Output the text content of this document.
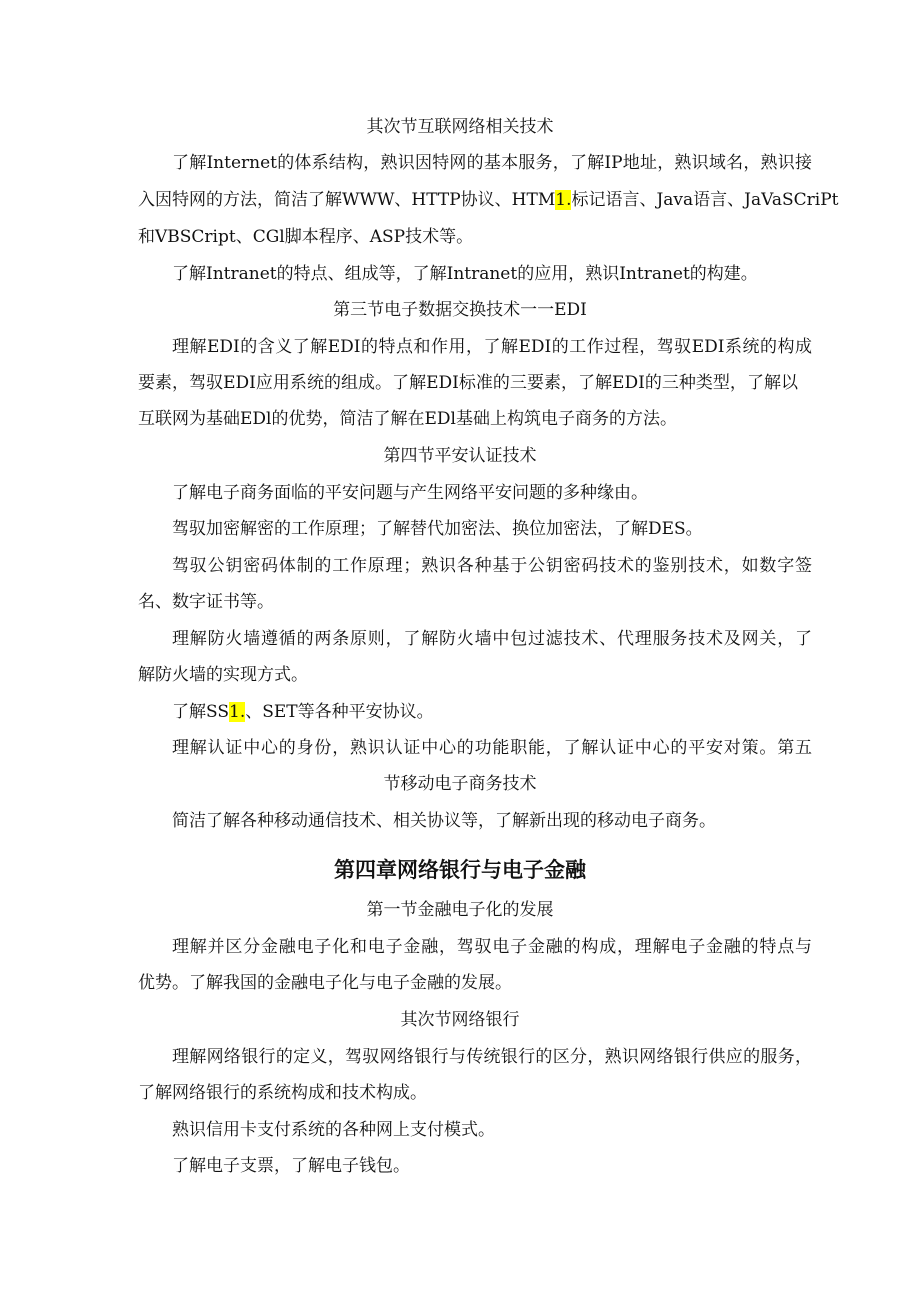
其次节互联网络相关技术
了解Internet的体系结构，熟识因特网的基本服务，了解IP地址，熟识域名，熟识接
入因特网的方法，简洁了解WWW、HTTP协议、HTM1.标记语言、Java语言、JaVaSCriPt
和VBSCript、CGl脚本程序、ASP技术等。
了解Intranet的特点、组成等，了解Intranet的应用，熟识Intranet的构建。
第三节电子数据交换技术一一EDI
理解EDI的含义了解EDI的特点和作用，了解EDI的工作过程，驾驭EDI系统的构成
要素，驾驭EDI应用系统的组成。了解EDI标准的三要素，了解EDI的三种类型，了解以
互联网为基础EDl的优势，简洁了解在EDl基础上构筑电子商务的方法。
第四节平安认证技术
了解电子商务面临的平安问题与产生网络平安问题的多种缘由。
驾驭加密解密的工作原理；了解替代加密法、换位加密法，了解DES。
驾驭公钥密码体制的工作原理；熟识各种基于公钥密码技术的鉴别技术，如数字签
名、数字证书等。
理解防火墙遵循的两条原则，了解防火墙中包过滤技术、代理服务技术及网关，了
解防火墙的实现方式。
了解SS1.、SET等各种平安协议。
理解认证中心的身份，熟识认证中心的功能职能，了解认证中心的平安对策。第五
节移动电子商务技术
简洁了解各种移动通信技术、相关协议等，了解新出现的移动电子商务。
第四章网络银行与电子金融
第一节金融电子化的发展
理解并区分金融电子化和电子金融，驾驭电子金融的构成，理解电子金融的特点与
优势。了解我国的金融电子化与电子金融的发展。
其次节网络银行
理解网络银行的定义，驾驭网络银行与传统银行的区分，熟识网络银行供应的服务，
了解网络银行的系统构成和技术构成。
熟识信用卡支付系统的各种网上支付模式。
了解电子支票，了解电子钱包。
